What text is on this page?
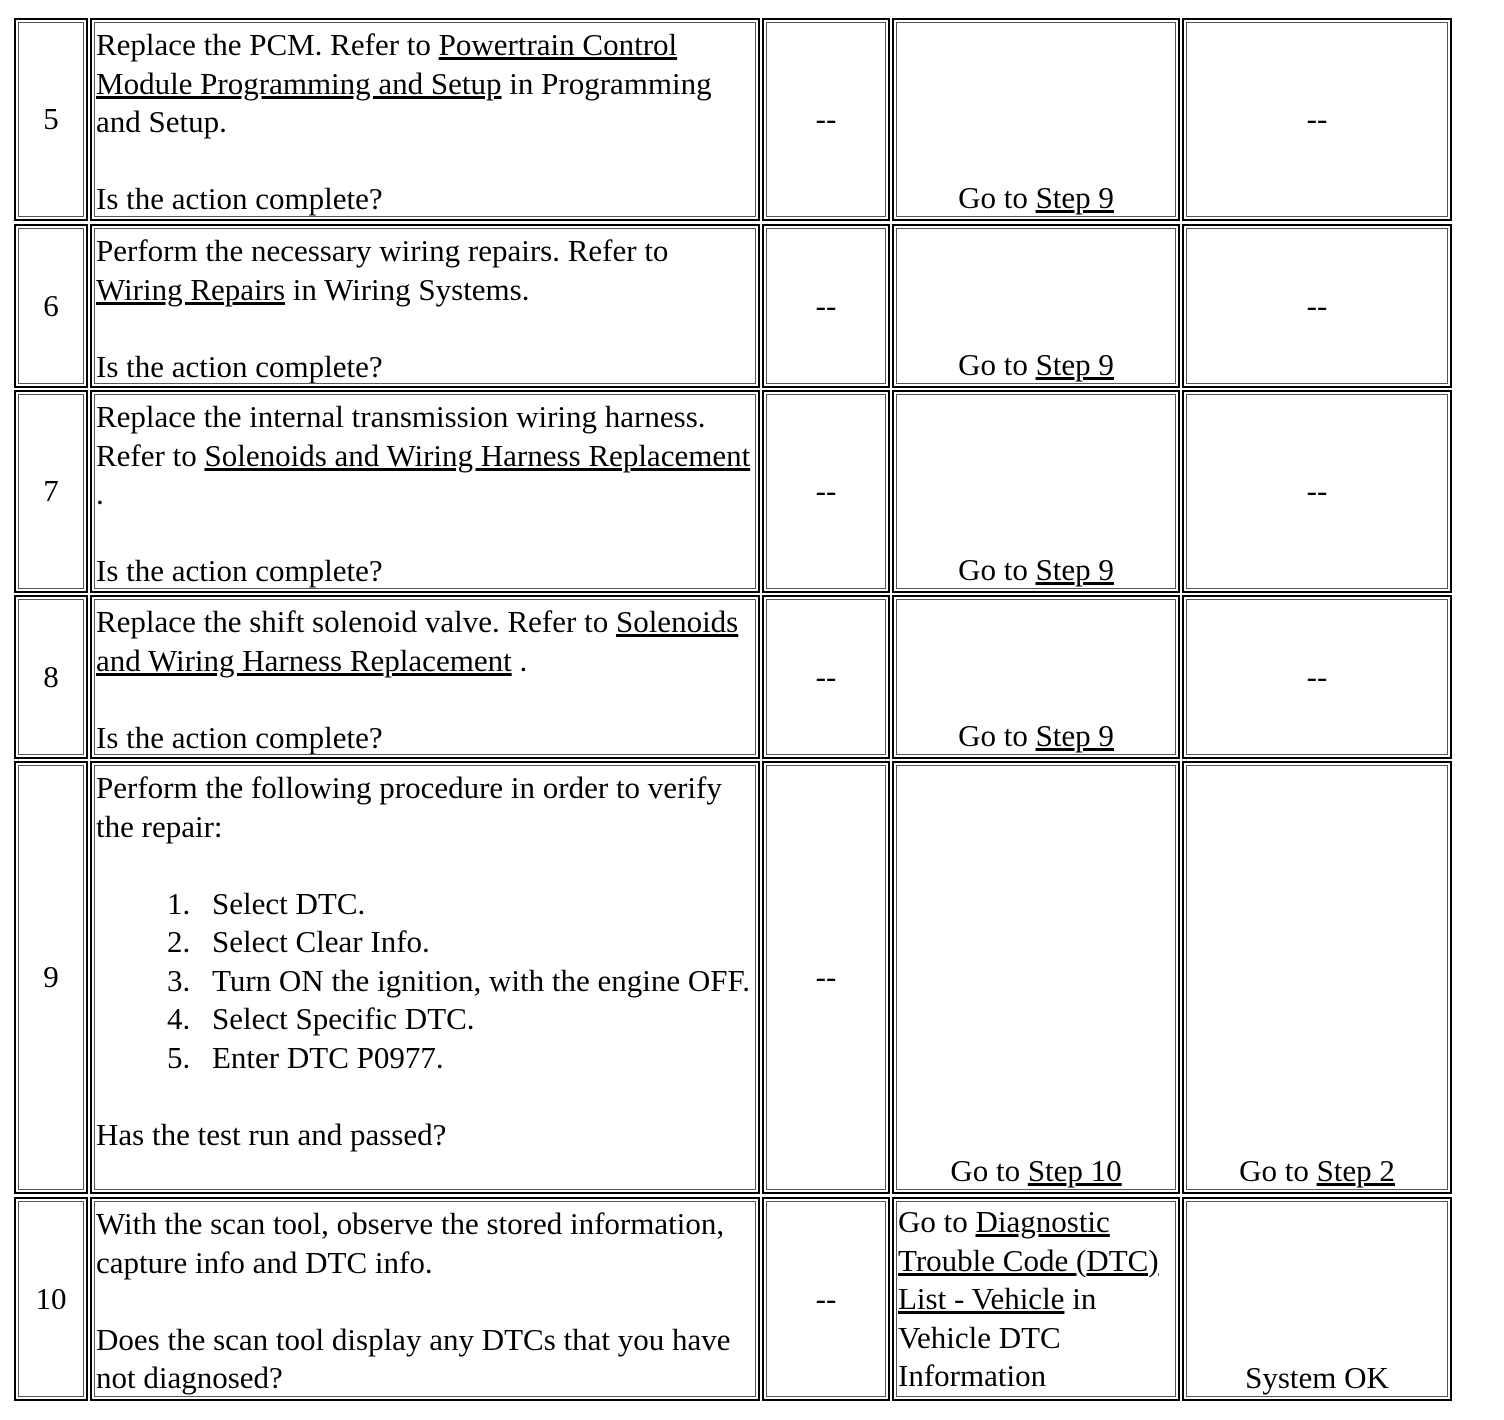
5

Replace the PCM. Refer to Powertrain Control Module Programming and Setup in Programming and Setup.

Is the action complete?

--
Go to Step 9
--
6

Perform the necessary wiring repairs. Refer to Wiring Repairs in Wiring Systems.

Is the action complete?

--
Go to Step 9
--
7

Replace the internal transmission wiring harness. Refer to Solenoids and Wiring Harness Replacement .

Is the action complete?

--
Go to Step 9
--
8

Replace the shift solenoid valve. Refer to Solenoids and Wiring Harness Replacement .

Is the action complete?

--
Go to Step 9
--
9

Perform the following procedure in order to verify the repair:

1. Select DTC.
2. Select Clear Info.
3. Turn ON the ignition, with the engine OFF.
4. Select Specific DTC.
5. Enter DTC P0977.

Has the test run and passed?

--
Go to Step 10	Go to Step 2
10

With the scan tool, observe the stored information, capture info and DTC info.

Does the scan tool display any DTCs that you have not diagnosed?

--
Go to Diagnostic Trouble Code (DTC) List - Vehicle in Vehicle DTC Information	System OK
